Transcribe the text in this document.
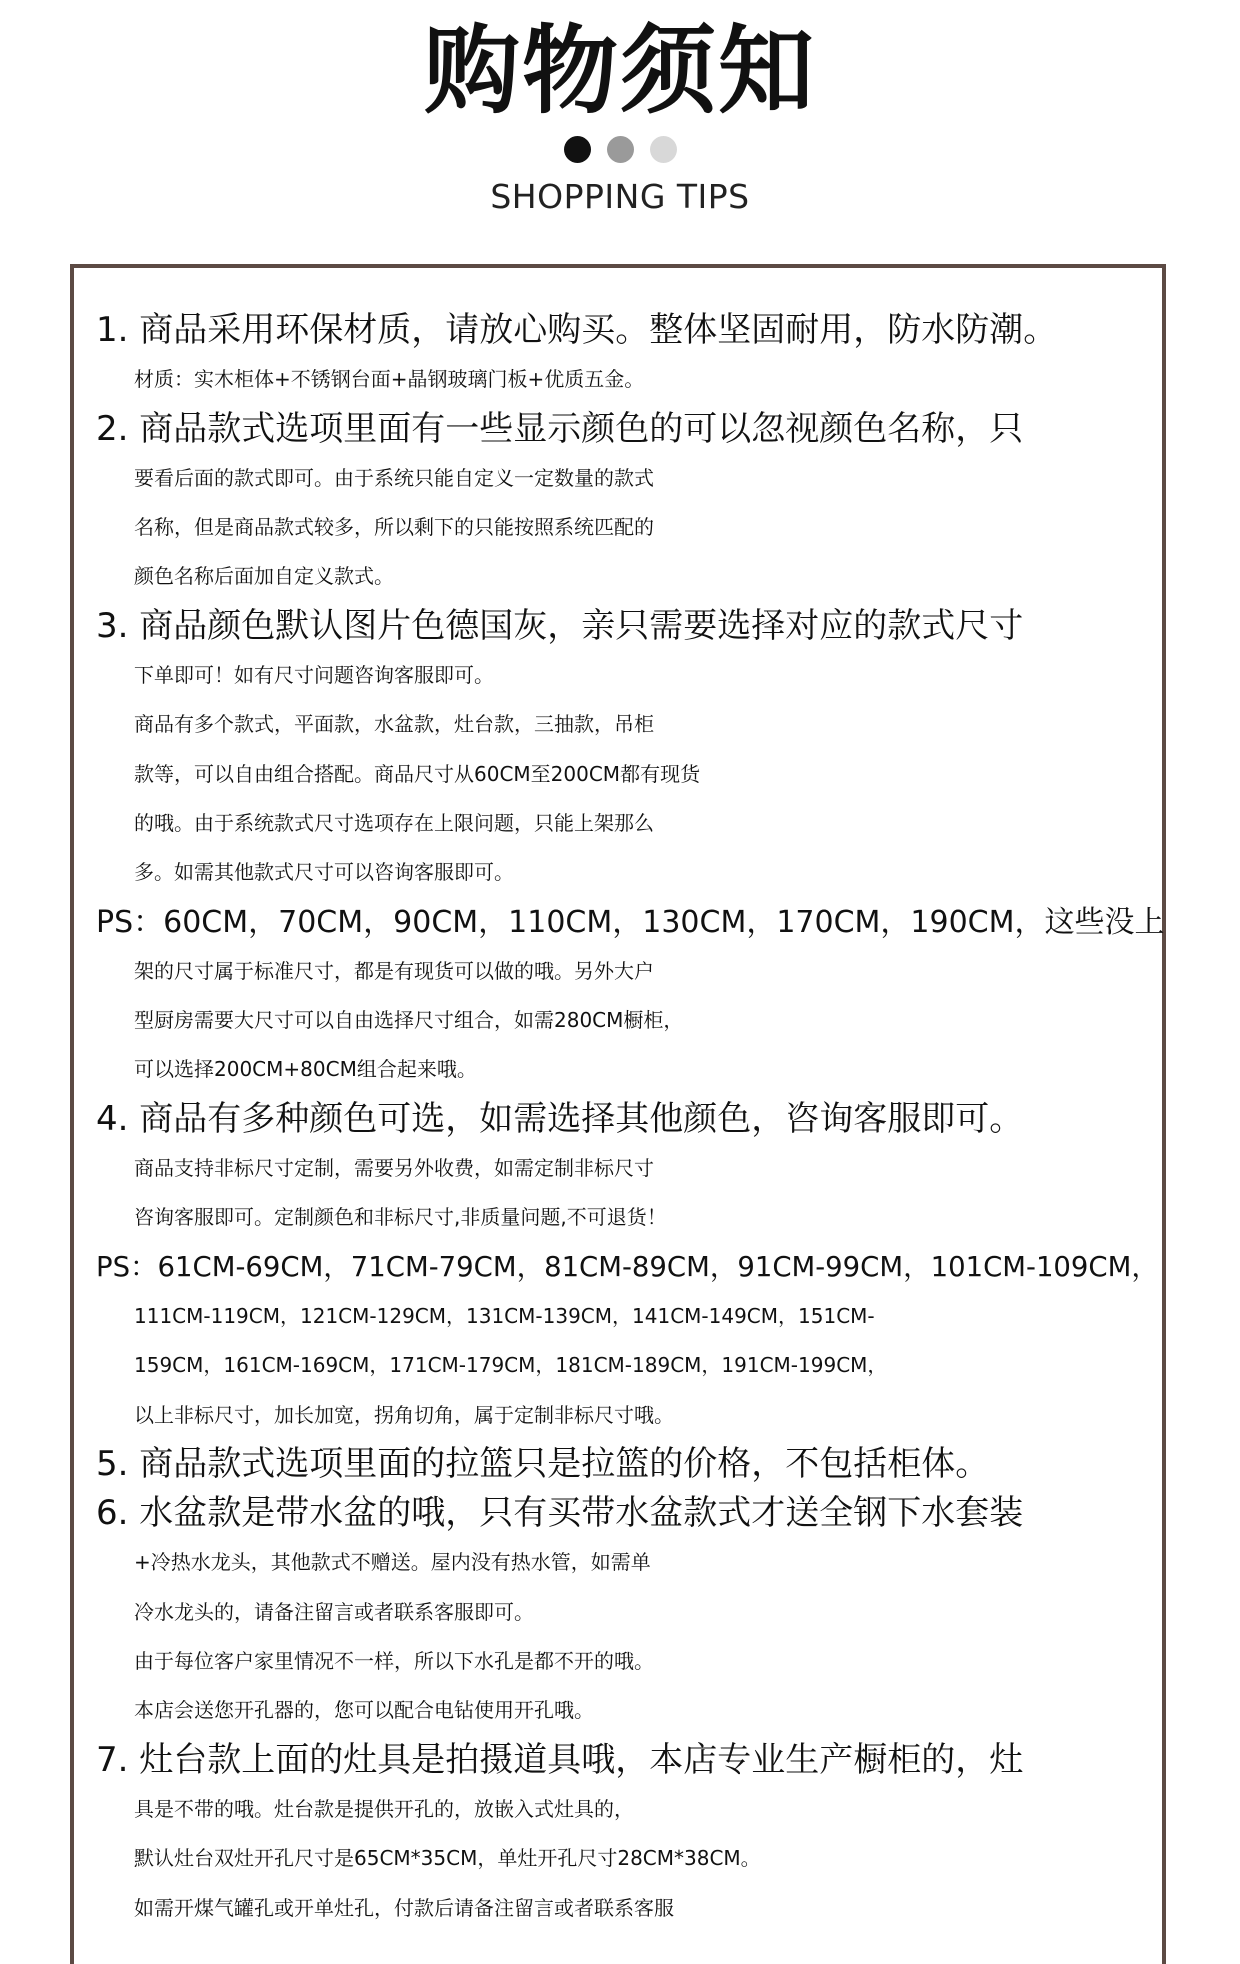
购物须知
SHOPPING TIPS
1. 商品采用环保材质，请放心购买。整体坚固耐用，防水防潮。
材质：实木柜体+不锈钢台面+晶钢玻璃门板+优质五金。
2. 商品款式选项里面有一些显示颜色的可以忽视颜色名称，只
要看后面的款式即可。由于系统只能自定义一定数量的款式
名称，但是商品款式较多，所以剩下的只能按照系统匹配的
颜色名称后面加自定义款式。
3. 商品颜色默认图片色德国灰，亲只需要选择对应的款式尺寸
下单即可！如有尺寸问题咨询客服即可。
商品有多个款式，平面款，水盆款，灶台款，三抽款，吊柜
款等，可以自由组合搭配。商品尺寸从60CM至200CM都有现货
的哦。由于系统款式尺寸选项存在上限问题，只能上架那么
多。如需其他款式尺寸可以咨询客服即可。
PS：60CM，70CM，90CM，110CM，130CM，170CM，190CM，这些没上
架的尺寸属于标准尺寸，都是有现货可以做的哦。另外大户
型厨房需要大尺寸可以自由选择尺寸组合，如需280CM橱柜，
可以选择200CM+80CM组合起来哦。
4. 商品有多种颜色可选，如需选择其他颜色，咨询客服即可。
商品支持非标尺寸定制，需要另外收费，如需定制非标尺寸
咨询客服即可。定制颜色和非标尺寸,非质量问题,不可退货！
PS：61CM-69CM，71CM-79CM，81CM-89CM，91CM-99CM，101CM-109CM，
111CM-119CM，121CM-129CM，131CM-139CM，141CM-149CM，151CM-
159CM，161CM-169CM，171CM-179CM，181CM-189CM，191CM-199CM，
以上非标尺寸，加长加宽，拐角切角，属于定制非标尺寸哦。
5. 商品款式选项里面的拉篮只是拉篮的价格，不包括柜体。
6. 水盆款是带水盆的哦，只有买带水盆款式才送全钢下水套装
+冷热水龙头，其他款式不赠送。屋内没有热水管，如需单
冷水龙头的，请备注留言或者联系客服即可。
由于每位客户家里情况不一样，所以下水孔是都不开的哦。
本店会送您开孔器的，您可以配合电钻使用开孔哦。
7. 灶台款上面的灶具是拍摄道具哦，本店专业生产橱柜的，灶
具是不带的哦。灶台款是提供开孔的，放嵌入式灶具的，
默认灶台双灶开孔尺寸是65CM*35CM，单灶开孔尺寸28CM*38CM。
如需开煤气罐孔或开单灶孔，付款后请备注留言或者联系客服
